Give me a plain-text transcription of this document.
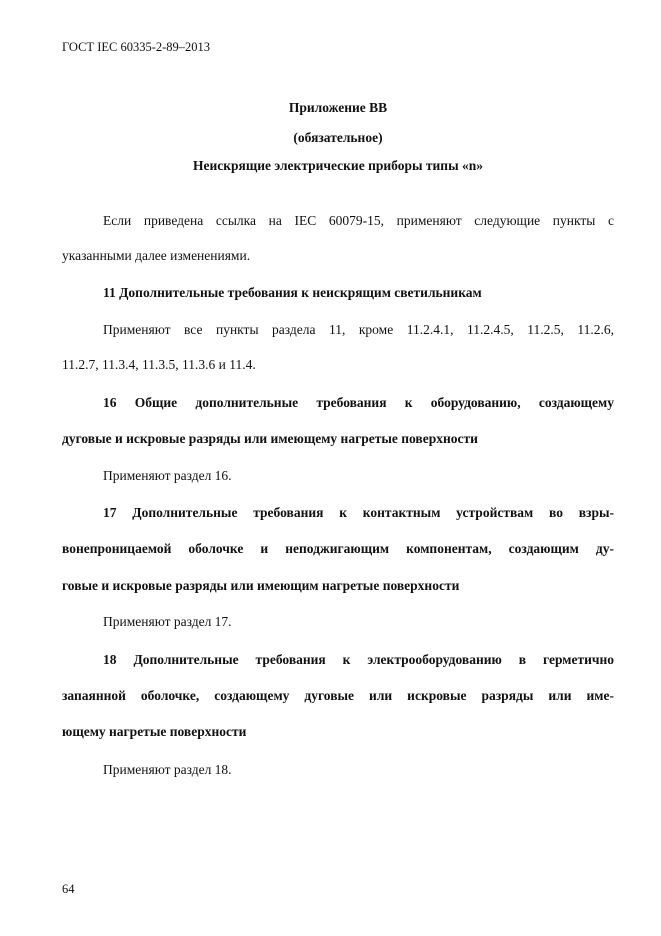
ГОСТ IEC 60335-2-89–2013
Приложение ВВ
(обязательное)
Неискрящие электрические приборы типы «n»
Если приведена ссылка на IEC 60079-15, применяют следующие пункты с
указанными далее изменениями.
11 Дополнительные требования к неискрящим светильникам
Применяют все пункты раздела 11, кроме 11.2.4.1, 11.2.4.5, 11.2.5, 11.2.6,
11.2.7, 11.3.4, 11.3.5, 11.3.6 и 11.4.
16 Общие дополнительные требования к оборудованию, создающему
дуговые и искровые разряды или имеющему нагретые поверхности
Применяют раздел 16.
17 Дополнительные требования к контактным устройствам во взры-
вонепроницаемой оболочке и неподжигающим компонентам, создающим ду-
говые и искровые разряды или имеющим нагретые поверхности
Применяют раздел 17.
18 Дополнительные требования к электрооборудованию в герметично
запаянной оболочке, создающему дуговые или искровые разряды или име-
ющему нагретые поверхности
Применяют раздел 18.
64
